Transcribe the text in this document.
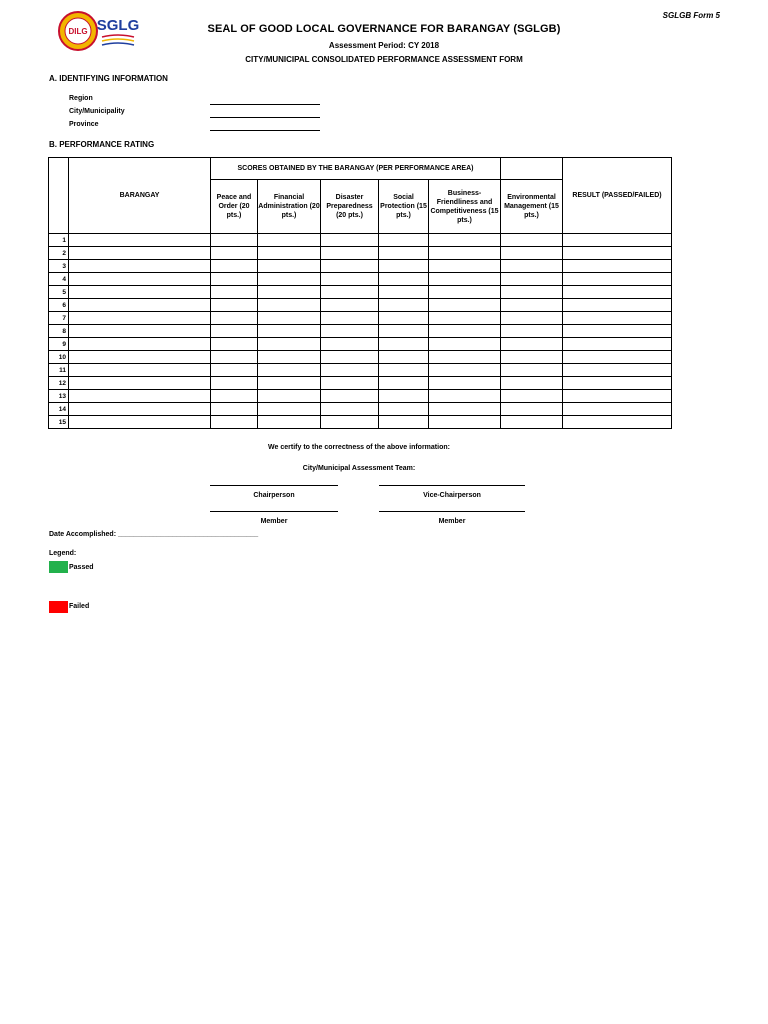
SGLGB Form 5
DILG SGLG	SEAL OF GOOD LOCAL GOVERNANCE FOR BARANGAY (SGLGB)
Assessment Period: CY 2018
CITY/MUNICIPAL CONSOLIDATED PERFORMANCE ASSESSMENT FORM
A. IDENTIFYING INFORMATION
Region
City/Municipality
Province
B. PERFORMANCE RATING
	BARANGAY	SCORES OBTAINED BY THE BARANGAY (PER PERFORMANCE AREA)						RESULT (PASSED/FAILED)
		Peace and Order (20 pts.)	Financial Administration (20 pts.)	Disaster Preparedness (20 pts.)	Social Protection (15 pts.)	Business-Friendliness and Competitiveness (15 pts.)	Environmental Management (15 pts.)	
1								
2								
3								
4								
5								
6								
7								
8								
9								
10								
11								
12								
13								
14								
15								
We certify to the correctness of the above information:
City/Municipal Assessment Team:
Chairperson	Vice-Chairperson
Member	Member
Date Accomplished: ____________________________________
Legend:
Passed
Failed
